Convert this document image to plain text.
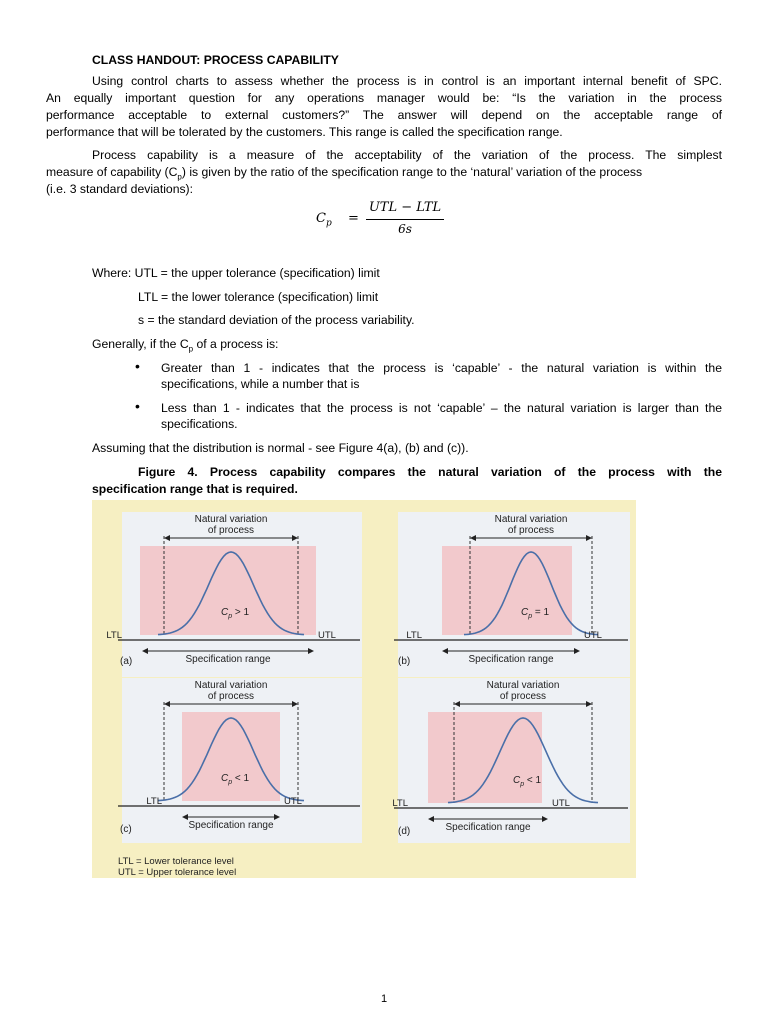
CLASS HANDOUT: PROCESS CAPABILITY
Using control charts to assess whether the process is in control is an important internal benefit of SPC.
An equally important question for any operations manager would be: “Is the variation in the process
performance acceptable to external customers?” The answer will depend on the acceptable range of
performance that will be tolerated by the customers. This range is called the specification range.
Process capability is a measure of the acceptability of the variation of the process. The simplest
measure of capability $(C_p)$ is given by the ratio of the specification range to the ‘natural’ variation of the process
(i.e. 3 standard deviations):
$C_p$ =
UTL − LTL
6s
Where: UTL = the upper tolerance (specification) limit
LTL = the lower tolerance (specification) limit
s = the standard deviation of the process variability.
Generally, if the $C_p$ of a process is:
• Greater than 1 - indicates that the process is ‘capable’ - the natural variation is within the
specifications, while a number that is
• Less than 1 - indicates that the process is not ‘capable’ – the natural variation is larger than the
specifications.
Assuming that the distribution is normal - see Figure 4(a), (b) and (c)).
Figure 4. Process capability compares the natural variation of the process with the
specification range that is required.
Natural variation
of process
$C_p > 1$
LTL	UTL
Specification range
(a)
Natural variation
of process
$C_p = 1$
LTL	UTL
Specification range
(b)
Natural variation
of process
$C_p < 1$
LTL	UTL
Specification range
(c)
Natural variation
of process
$C_p < 1$
LTL	UTL
Specification range
(d)
LTL = Lower tolerance level
UTL = Upper tolerance level
1
